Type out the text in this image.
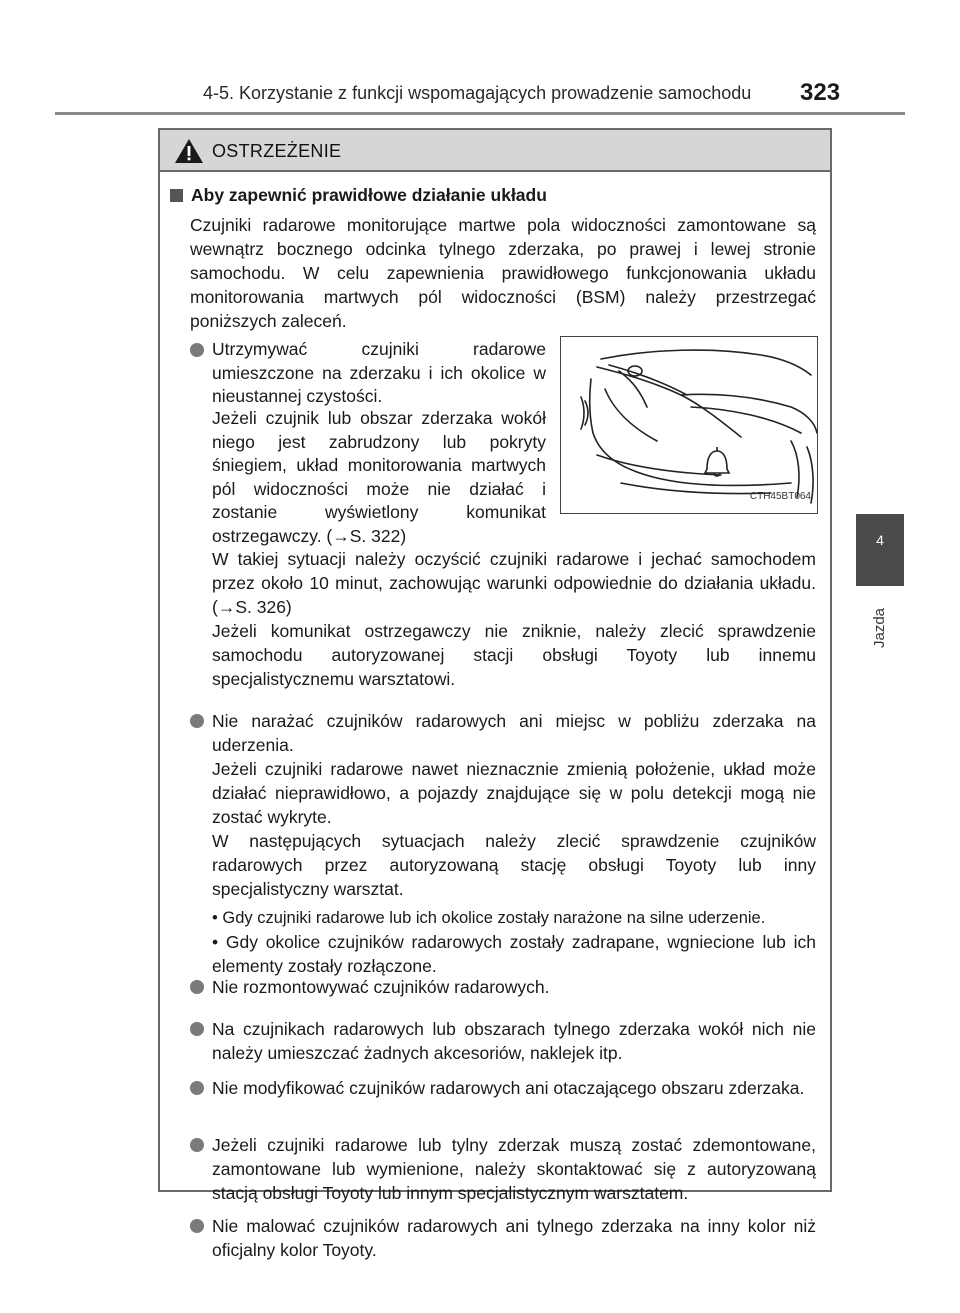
4-5. Korzystanie z funkcji wspomagających prowadzenie samochodu 323
4
Jazda
OSTRZEŻENIE
Aby zapewnić prawidłowe działanie układu
Czujniki radarowe monitorujące martwe pola widoczności zamontowane są wewnątrz bocznego odcinka tylnego zderzaka, po prawej i lewej stronie samochodu. W celu zapewnienia prawidłowego funkcjonowania układu monitorowania martwych pól widoczności (BSM) należy przestrzegać poniższych zaleceń.
Utrzymywać czujniki radarowe umieszczone na zderzaku i ich okolice w nieustannej czystości.
Jeżeli czujnik lub obszar zderzaka wokół niego jest zabrudzony lub pokryty śniegiem, układ monitorowania martwych pól widoczności może nie działać i zostanie wyświetlony komunikat ostrzegawczy. (→S. 322)
CTH45BT064
W takiej sytuacji należy oczyścić czujniki radarowe i jechać samochodem przez około 10 minut, zachowując warunki odpowiednie do działania układu. (→S. 326)
Jeżeli komunikat ostrzegawczy nie zniknie, należy zlecić sprawdzenie samochodu autoryzowanej stacji obsługi Toyoty lub innemu specjalistycznemu warsztatowi.
Nie narażać czujników radarowych ani miejsc w pobliżu zderzaka na uderzenia.
Jeżeli czujniki radarowe nawet nieznacznie zmienią położenie, układ może działać nieprawidłowo, a pojazdy znajdujące się w polu detekcji mogą nie zostać wykryte.
W następujących sytuacjach należy zlecić sprawdzenie czujników radarowych przez autoryzowaną stację obsługi Toyoty lub inny specjalistyczny warsztat.
• Gdy czujniki radarowe lub ich okolice zostały narażone na silne uderzenie.
• Gdy okolice czujników radarowych zostały zadrapane, wgniecione lub ich elementy zostały rozłączone.
Nie rozmontowywać czujników radarowych.
Na czujnikach radarowych lub obszarach tylnego zderzaka wokół nich nie należy umieszczać żadnych akcesoriów, naklejek itp.
Nie modyfikować czujników radarowych ani otaczającego obszaru zderzaka.
Jeżeli czujniki radarowe lub tylny zderzak muszą zostać zdemontowane, zamontowane lub wymienione, należy skontaktować się z autoryzowaną stacją obsługi Toyoty lub innym specjalistycznym warsztatem.
Nie malować czujników radarowych ani tylnego zderzaka na inny kolor niż oficjalny kolor Toyoty.
